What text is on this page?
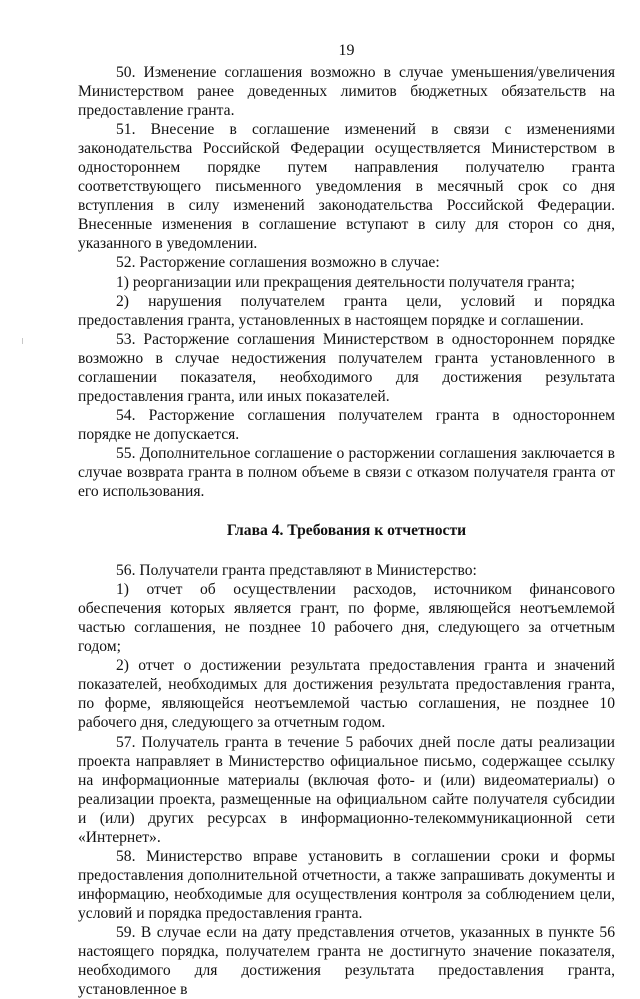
19

50. Изменение соглашения возможно в случае уменьшения/увеличения Министерством ранее доведенных лимитов бюджетных обязательств на предоставление гранта.

51. Внесение в соглашение изменений в связи с изменениями законодательства Российской Федерации осуществляется Министерством в одностороннем порядке путем направления получателю гранта соответствующего письменного уведомления в месячный срок со дня вступления в силу изменений законодательства Российской Федерации. Внесенные изменения в соглашение вступают в силу для сторон со дня, указанного в уведомлении.

52. Расторжение соглашения возможно в случае:

1) реорганизации или прекращения деятельности получателя гранта;

2) нарушения получателем гранта цели, условий и порядка предоставления гранта, установленных в настоящем порядке и соглашении.

53. Расторжение соглашения Министерством в одностороннем порядке возможно в случае недостижения получателем гранта установленного в соглашении показателя, необходимого для достижения результата предоставления гранта, или иных показателей.

54. Расторжение соглашения получателем гранта в одностороннем порядке не допускается.

55. Дополнительное соглашение о расторжении соглашения заключается в случае возврата гранта в полном объеме в связи с отказом получателя гранта от его использования.

Глава 4. Требования к отчетности

56. Получатели гранта представляют в Министерство:

1) отчет об осуществлении расходов, источником финансового обеспечения которых является грант, по форме, являющейся неотъемлемой частью соглашения, не позднее 10 рабочего дня, следующего за отчетным годом;

2) отчет о достижении результата предоставления гранта и значений показателей, необходимых для достижения результата предоставления гранта, по форме, являющейся неотъемлемой частью соглашения, не позднее 10 рабочего дня, следующего за отчетным годом.

57. Получатель гранта в течение 5 рабочих дней после даты реализации проекта направляет в Министерство официальное письмо, содержащее ссылку на информационные материалы (включая фото- и (или) видеоматериалы) о реализации проекта, размещенные на официальном сайте получателя субсидии и (или) других ресурсах в информационно-телекоммуникационной сети «Интернет».

58. Министерство вправе установить в соглашении сроки и формы предоставления дополнительной отчетности, а также запрашивать документы и информацию, необходимые для осуществления контроля за соблюдением цели, условий и порядка предоставления гранта.

59. В случае если на дату представления отчетов, указанных в пункте 56 настоящего порядка, получателем гранта не достигнуто значение показателя, необходимого для достижения результата предоставления гранта, установленное в
